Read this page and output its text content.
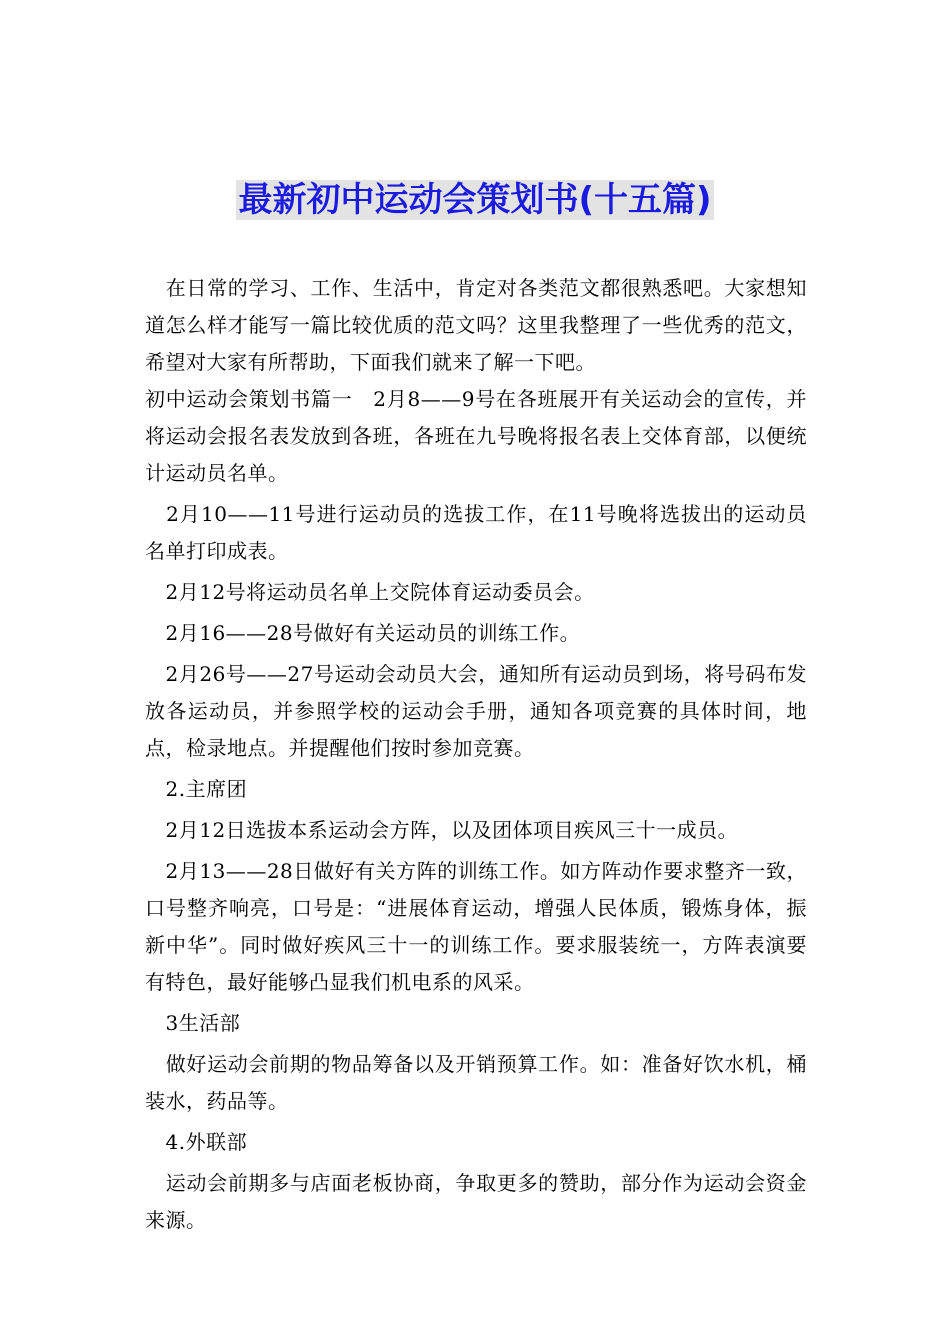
最新初中运动会策划书(十五篇)

　在日常的学习、工作、生活中，肯定对各类范文都很熟悉吧。大家想知道怎么样才能写一篇比较优质的范文吗？这里我整理了一些优秀的范文，希望对大家有所帮助，下面我们就来了解一下吧。

初中运动会策划书篇一　2月8——9号在各班展开有关运动会的宣传，并将运动会报名表发放到各班，各班在九号晚将报名表上交体育部，以便统计运动员名单。

　2月10——11号进行运动员的选拔工作，在11号晚将选拔出的运动员名单打印成表。

　2月12号将运动员名单上交院体育运动委员会。

　2月16——28号做好有关运动员的训练工作。

　2月26号——27号运动会动员大会，通知所有运动员到场，将号码布发放各运动员，并参照学校的运动会手册，通知各项竞赛的具体时间，地点，检录地点。并提醒他们按时参加竞赛。

　2.主席团

　2月12日选拔本系运动会方阵，以及团体项目疾风三十一成员。

　2月13——28日做好有关方阵的训练工作。如方阵动作要求整齐一致，口号整齐响亮，口号是：“进展体育运动，增强人民体质，锻炼身体，振新中华”。同时做好疾风三十一的训练工作。要求服装统一，方阵表演要有特色，最好能够凸显我们机电系的风采。

　3生活部

　做好运动会前期的物品筹备以及开销预算工作。如：准备好饮水机，桶装水，药品等。

　4.外联部

　运动会前期多与店面老板协商，争取更多的赞助，部分作为运动会资金来源。
